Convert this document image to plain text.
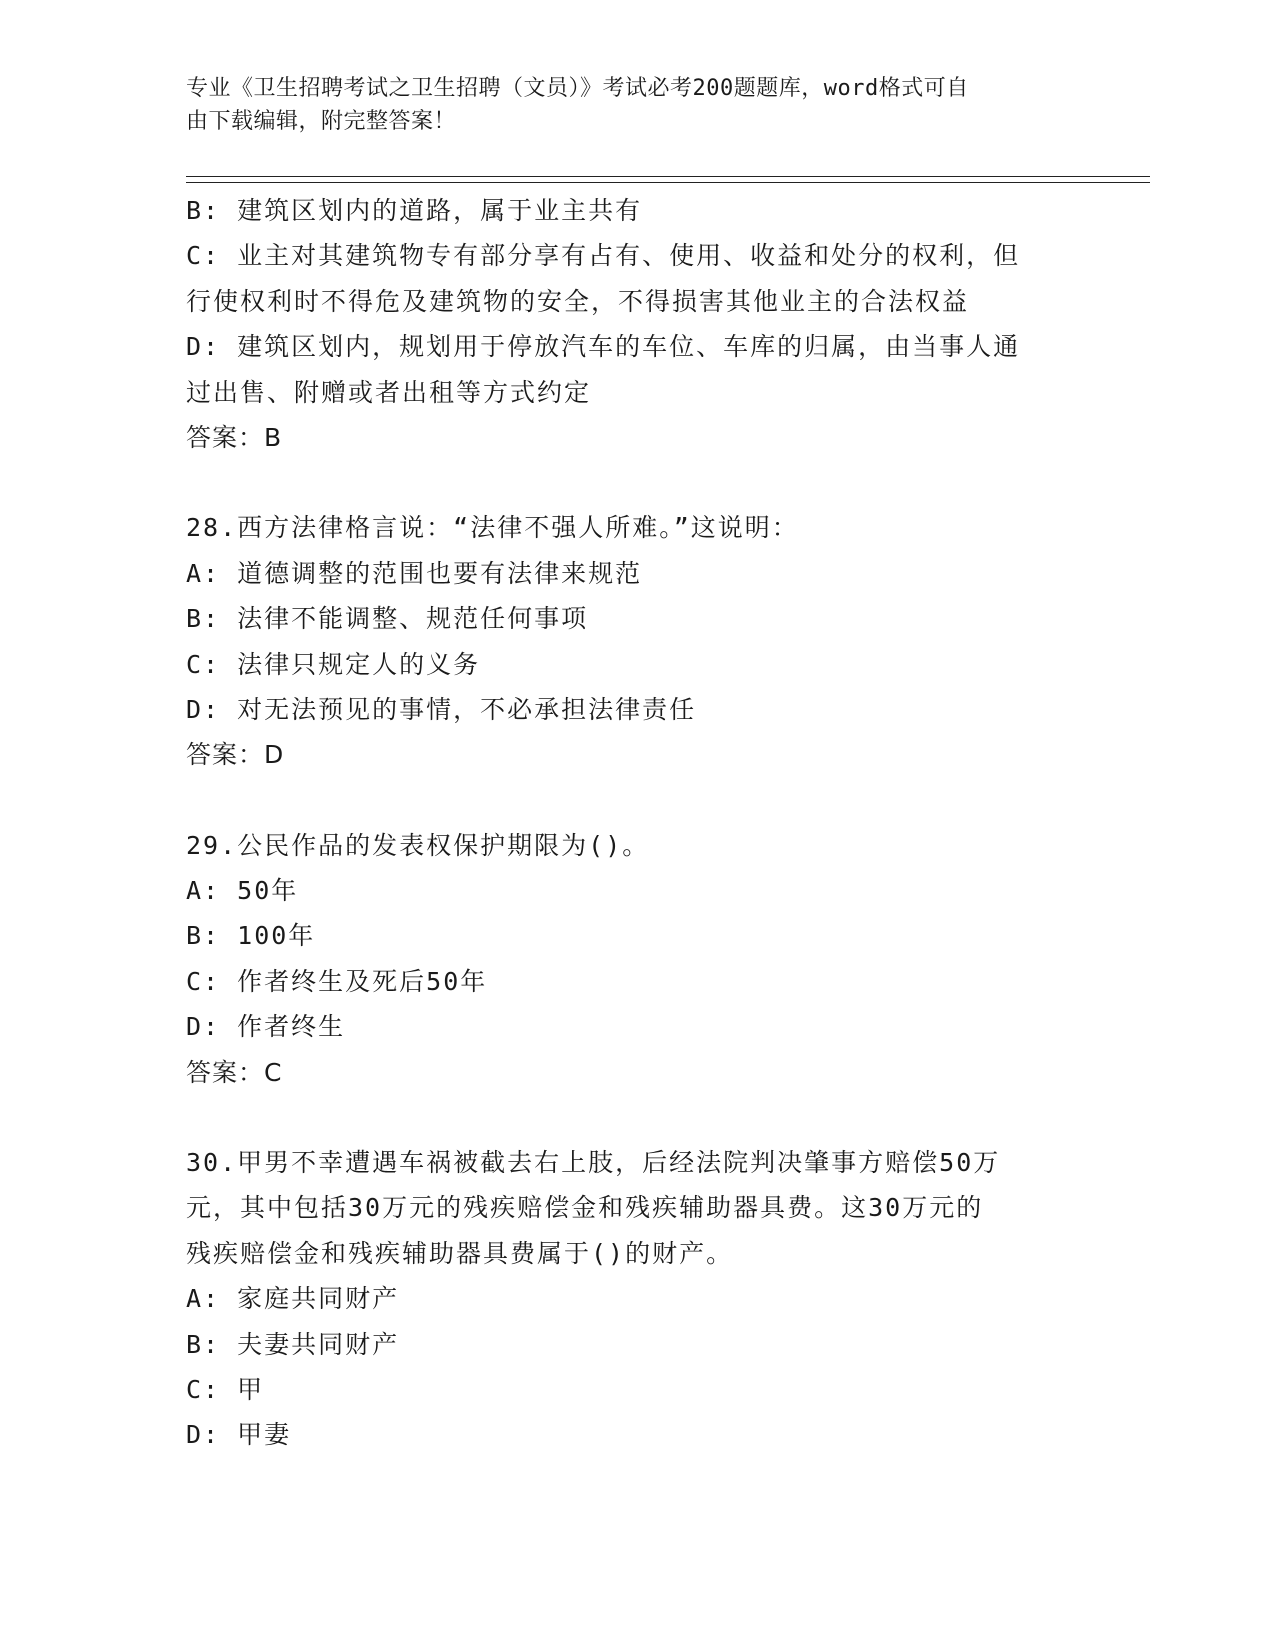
专业《卫生招聘考试之卫生招聘（文员）》考试必考200题题库，word格式可自
由下载编辑，附完整答案！
B: 建筑区划内的道路，属于业主共有
C: 业主对其建筑物专有部分享有占有、使用、收益和处分的权利，但
行使权利时不得危及建筑物的安全，不得损害其他业主的合法权益
D: 建筑区划内，规划用于停放汽车的车位、车库的归属，由当事人通
过出售、附赠或者出租等方式约定
答案：B
28.西方法律格言说：“法律不强人所难。”这说明：
A: 道德调整的范围也要有法律来规范
B: 法律不能调整、规范任何事项
C: 法律只规定人的义务
D: 对无法预见的事情，不必承担法律责任
答案：D
29.公民作品的发表权保护期限为()。
A: 50年
B: 100年
C: 作者终生及死后50年
D: 作者终生
答案：C
30.甲男不幸遭遇车祸被截去右上肢，后经法院判决肇事方赔偿50万
元，其中包括30万元的残疾赔偿金和残疾辅助器具费。这30万元的
残疾赔偿金和残疾辅助器具费属于()的财产。
A: 家庭共同财产
B: 夫妻共同财产
C: 甲
D: 甲妻
